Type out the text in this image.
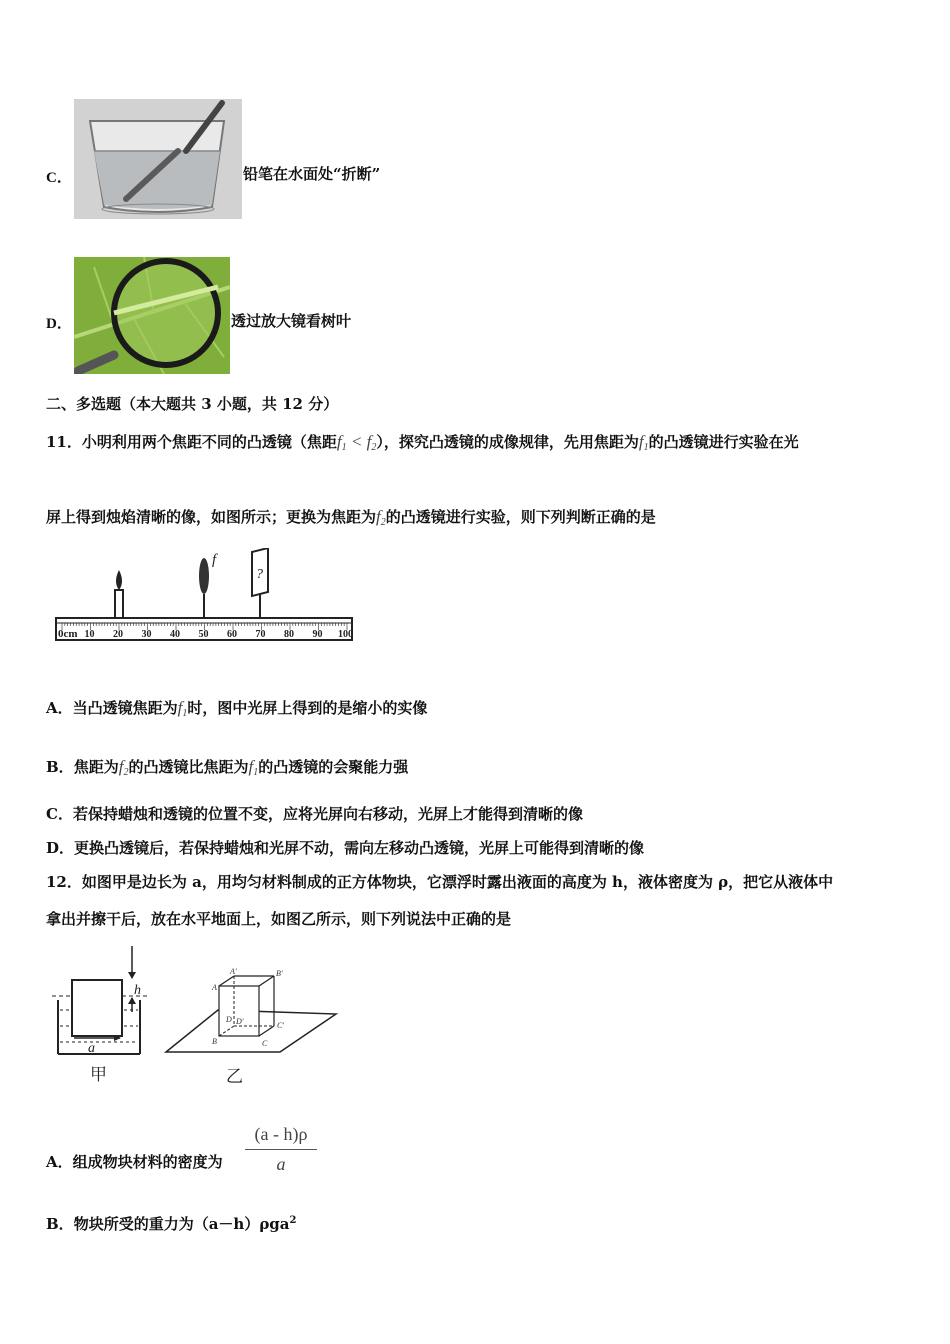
C．	铅笔在水面处“折断”
D．	透过放大镜看树叶
二、多选题（本大题共 3 小题，共 12 分）
11．小明利用两个焦距不同的凸透镜（焦距$f_1 < f_2$），探究凸透镜的成像规律，先用焦距为$f_1$的凸透镜进行实验在光
屏上得到烛焰清晰的像，如图所示；更换为焦距为$f_2$的凸透镜进行实验，则下列判断正确的是
f
?
0cm 10 20 30 40 50 60 70 80 90 100
A．当凸透镜焦距为$f_1$时，图中光屏上得到的是缩小的实像
B．焦距为$f_2$的凸透镜比焦距为$f_1$的凸透镜的会聚能力强
C．若保持蜡烛和透镜的位置不变，应将光屏向右移动，光屏上才能得到清晰的像
D．更换凸透镜后，若保持蜡烛和光屏不动，需向左移动凸透镜，光屏上可能得到清晰的像
12．如图甲是边长为 a，用均匀材料制成的正方体物块，它漂浮时露出液面的高度为 h，液体密度为 ρ，把它从液体中
拿出并擦干后，放在水平地面上，如图乙所示，则下列说法中正确的是
h
a
甲
A
A'	B'
B	C
C'
D D'
乙
A．组成物块材料的密度为 $\frac{(a - h)\rho}{a}$
B．物块所受的重力为（a－h）ρga$^2$
